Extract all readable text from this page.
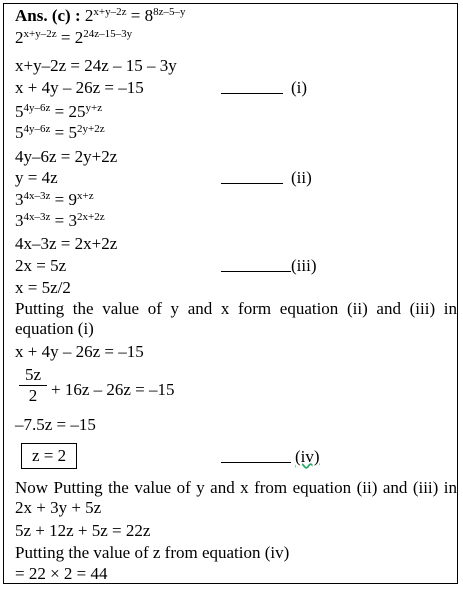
Ans. (c) : $2^{x+y-2z} = 8^{8z-5-y}$
$2^{x+y-2z} = 2^{24z-15-3y}$
x+y–2z = 24z – 15 – 3y
x + 4y – 26z = –15	(i)
$5^{4y-6z} = 25^{y+z}$
$5^{4y-6z} = 5^{2y+2z}$
4y–6z = 2y+2z
y = 4z	(ii)
$3^{4x-3z} = 9^{x+z}$
$3^{4x-3z} = 3^{2x+2z}$
4x–3z = 2x+2z
2x = 5z	(iii)
x = 5z/2
Putting the value of y and x form equation (ii) and (iii) in equation (i)
x + 4y – 26z = –15
5z
2 + 16z – 26z = –15
–7.5z = –15
z = 2	(iv)
Now Putting the value of y and x from equation (ii) and (iii) in 2x + 3y + 5z
5z + 12z + 5z = 22z
Putting the value of z from equation (iv)
= 22 × 2 = 44
